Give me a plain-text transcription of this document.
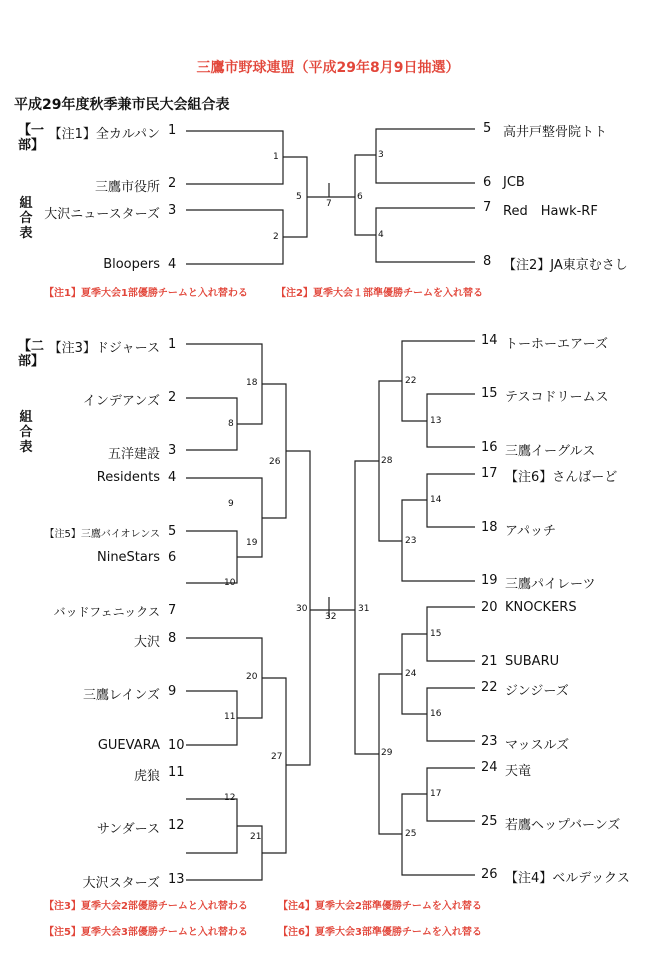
三鷹市野球連盟（平成29年8月9日抽選）
平成29年度秋季兼市民大会組合表
【一部】
組合表
【注1】全カルパン 1
三鷹市役所 2
大沢ニュースターズ 3
Bloopers 4
5 高井戸整骨院トト
6 JCB
7 Red　Hawk-RF
8 【注2】JA東京むさし
1
2
3
4
5	6
7
【注1】夏季大会1部優勝チームと入れ替わる	【注2】夏季大会１部準優勝チームを入れ替る
【二部】
組合表
【注3】ドジャース 1
インデアンズ 2
五洋建設 3
Residents 4
【注5】三鷹バイオレンス 5
NineStars 6
バッドフェニックス 7
大沢 8
三鷹レインズ 9
GUEVARA 10
虎狼 11
サンダース 12
大沢スターズ 13
14 トーホーエアーズ
15 テスコドリームス
16 三鷹イーグルス
17 【注6】さんばーど
18 アパッチ
19 三鷹パイレーツ
20 KNOCKERS
21 SUBARU
22 ジンジーズ
23 マッスルズ
24 天竜
25 若鷹ヘップバーンズ
26 【注4】ベルデックス
8
9
10
11
12
13
14
15
16
17
18
19
20
21
22
23
24
25
26
27
28
29
30	31
32
【注3】夏季大会2部優勝チームと入れ替わる	【注4】夏季大会2部準優勝チームを入れ替る
【注5】夏季大会3部優勝チームと入れ替わる	【注6】夏季大会3部準優勝チームを入れ替る
